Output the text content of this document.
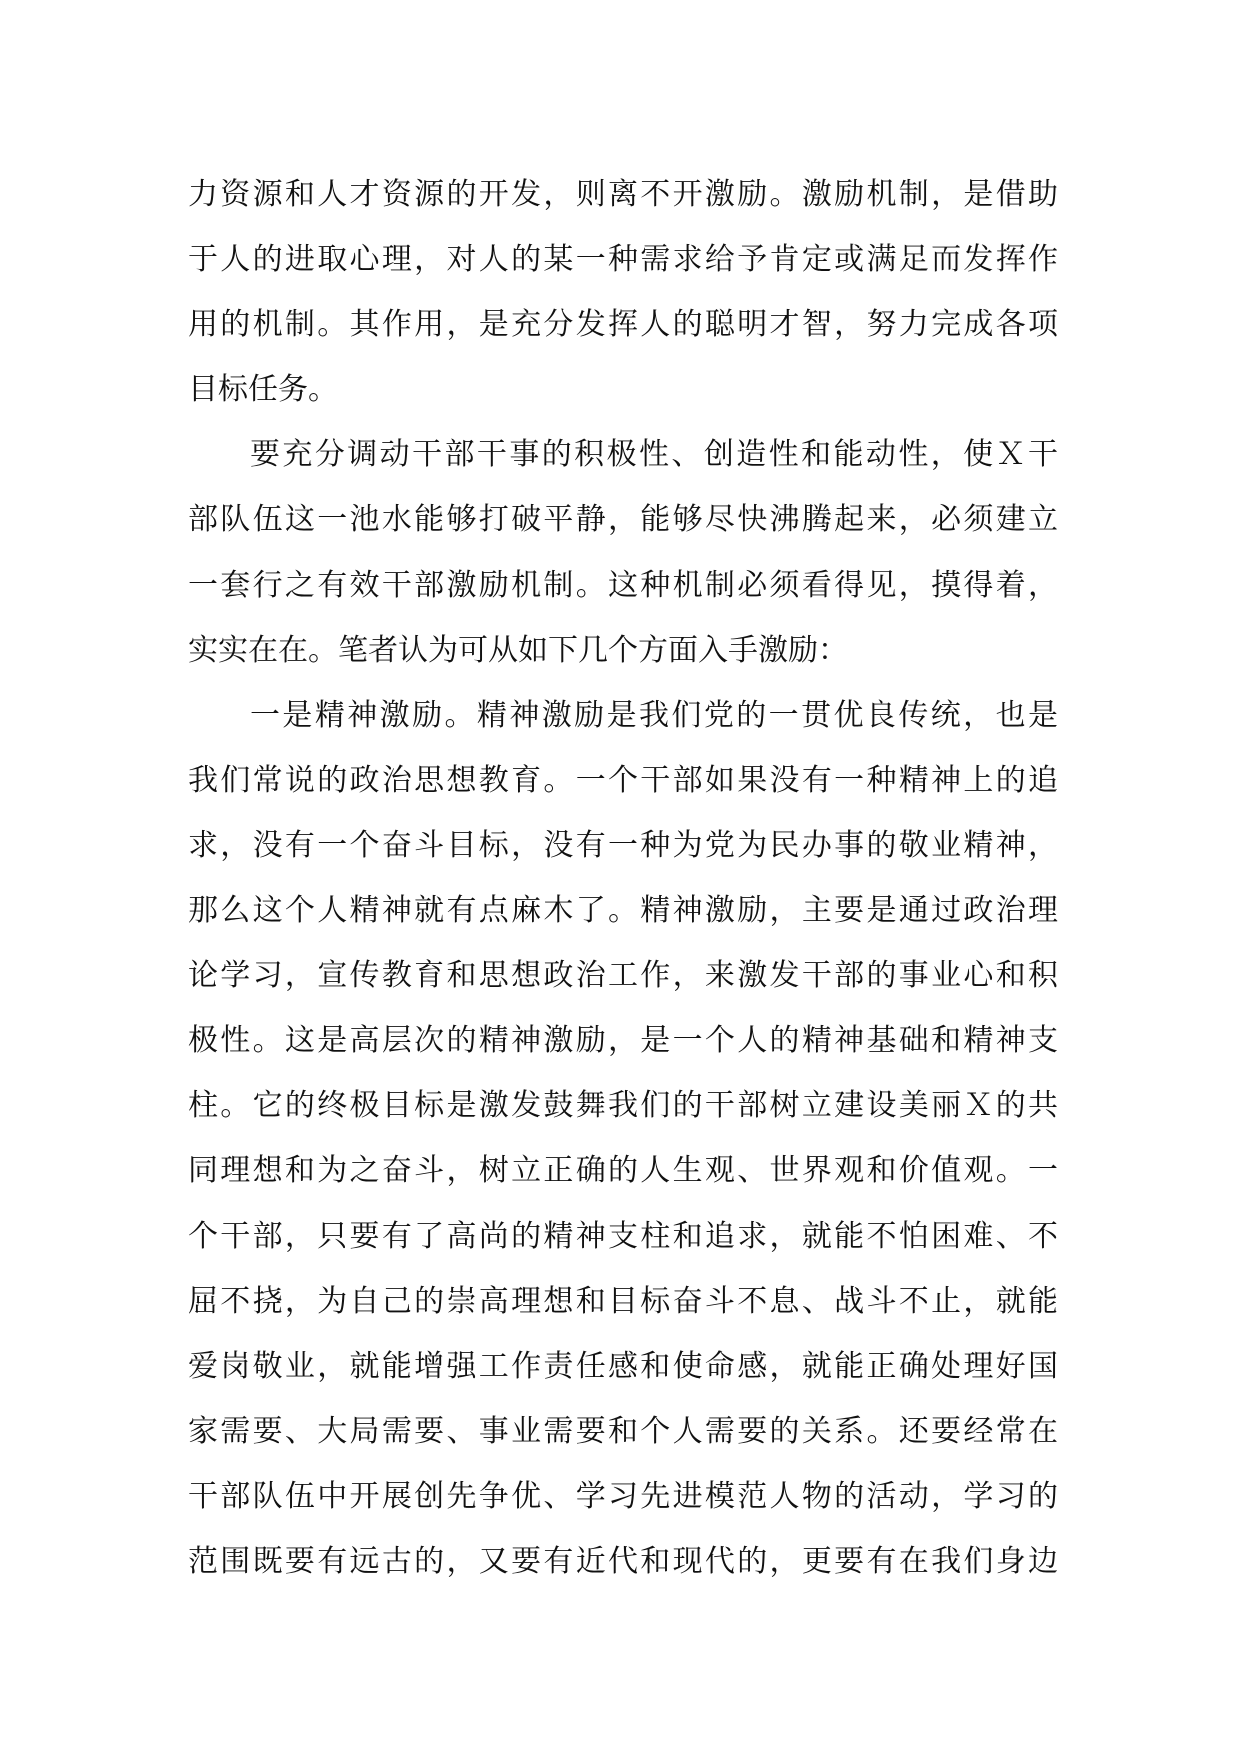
力资源和人才资源的开发，则离不开激励。激励机制，是借助
于人的进取心理，对人的某一种需求给予肯定或满足而发挥作
用的机制。其作用，是充分发挥人的聪明才智，努力完成各项
目标任务。
要充分调动干部干事的积极性、创造性和能动性，使Ｘ干
部队伍这一池水能够打破平静，能够尽快沸腾起来，必须建立
一套行之有效干部激励机制。这种机制必须看得见，摸得着，
实实在在。笔者认为可从如下几个方面入手激励：
一是精神激励。精神激励是我们党的一贯优良传统，也是
我们常说的政治思想教育。一个干部如果没有一种精神上的追
求，没有一个奋斗目标，没有一种为党为民办事的敬业精神，
那么这个人精神就有点麻木了。精神激励，主要是通过政治理
论学习，宣传教育和思想政治工作，来激发干部的事业心和积
极性。这是高层次的精神激励，是一个人的精神基础和精神支
柱。它的终极目标是激发鼓舞我们的干部树立建设美丽Ｘ的共
同理想和为之奋斗，树立正确的人生观、世界观和价值观。一
个干部，只要有了高尚的精神支柱和追求，就能不怕困难、不
屈不挠，为自己的崇高理想和目标奋斗不息、战斗不止，就能
爱岗敬业，就能增强工作责任感和使命感，就能正确处理好国
家需要、大局需要、事业需要和个人需要的关系。还要经常在
干部队伍中开展创先争优、学习先进模范人物的活动，学习的
范围既要有远古的，又要有近代和现代的，更要有在我们身边
